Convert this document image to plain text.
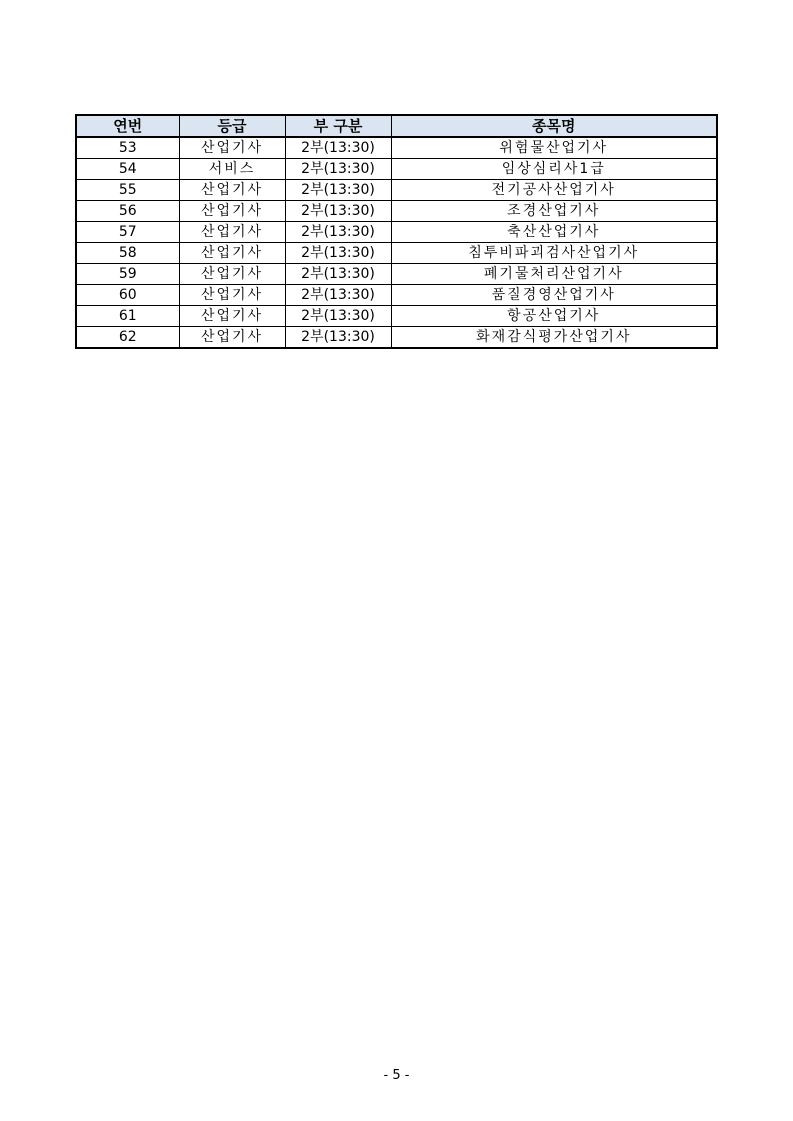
연번	등급	부 구분	종목명
53	산업기사	2부(13:30)	위험물산업기사
54	서비스	2부(13:30)	임상심리사1급
55	산업기사	2부(13:30)	전기공사산업기사
56	산업기사	2부(13:30)	조경산업기사
57	산업기사	2부(13:30)	축산산업기사
58	산업기사	2부(13:30)	침투비파괴검사산업기사
59	산업기사	2부(13:30)	폐기물처리산업기사
60	산업기사	2부(13:30)	품질경영산업기사
61	산업기사	2부(13:30)	항공산업기사
62	산업기사	2부(13:30)	화재감식평가산업기사
- 5 -
